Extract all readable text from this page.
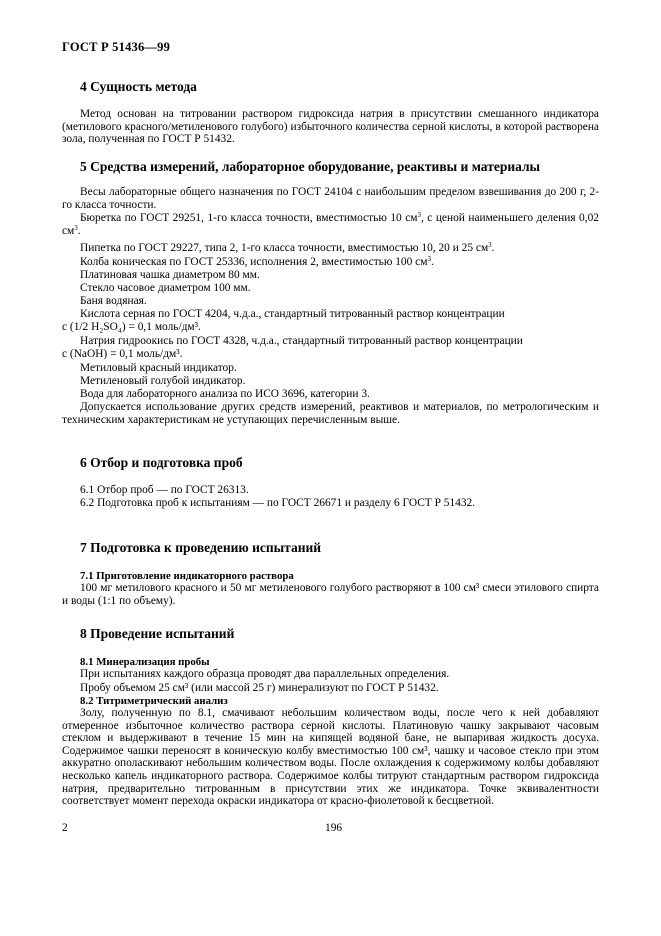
ГОСТ Р 51436—99
4 Сущность метода
Метод основан на титровании раствором гидроксида натрия в присутствии смешанного индикатора (метилового красного/метиленового голубого) избыточного количества серной кислоты, в которой растворена зола, полученная по ГОСТ Р 51432.
5 Средства измерений, лабораторное оборудование, реактивы и материалы
Весы лабораторные общего назначения по ГОСТ 24104 с наибольшим пределом взвешивания до 200 г, 2-го класса точности.
Бюретка по ГОСТ 29251, 1-го класса точности, вместимостью 10 $см^3$, с ценой наименьшего деления 0,02 $см^3$.
Пипетка по ГОСТ 29227, типа 2, 1-го класса точности, вместимостью 10, 20 и 25 $см^3$.
Колба коническая по ГОСТ 25336, исполнения 2, вместимостью 100 $см^3$.
Платиновая чашка диаметром 80 мм.
Стекло часовое диаметром 100 мм.
Баня водяная.
Кислота серная по ГОСТ 4204, ч.д.а., стандартный титрованный раствор концентрации
c (1/2 H₂SO₄) = 0,1 моль/дм³.
Натрия гидроокись по ГОСТ 4328, ч.д.а., стандартный титрованный раствор концентрации
c (NaOH) = 0,1 моль/дм³.
Метиловый красный индикатор.
Метиленовый голубой индикатор.
Вода для лабораторного анализа по ИСО 3696, категории 3.
Допускается использование других средств измерений, реактивов и материалов, по метрологическим и техническим характеристикам не уступающих перечисленным выше.
6 Отбор и подготовка проб
6.1 Отбор проб — по ГОСТ 26313.
6.2 Подготовка проб к испытаниям — по ГОСТ 26671 и разделу 6 ГОСТ Р 51432.
7 Подготовка к проведению испытаний
7.1 Приготовление индикаторного раствора
100 мг метилового красного и 50 мг метиленового голубого растворяют в 100 см³ смеси этилового спирта и воды (1:1 по объему).
8 Проведение испытаний
8.1 Минерализация пробы
При испытаниях каждого образца проводят два параллельных определения.
Пробу объемом 25 см³ (или массой 25 г) минерализуют по ГОСТ Р 51432.
8.2 Титриметрический анализ
Золу, полученную по 8.1, смачивают небольшим количеством воды, после чего к ней добавляют отмеренное избыточное количество раствора серной кислоты. Платиновую чашку закрывают часовым стеклом и выдерживают в течение 15 мин на кипящей водяной бане, не выпаривая жидкость досуха. Содержимое чашки переносят в коническую колбу вместимостью 100 см³, чашку и часовое стекло при этом аккуратно ополаскивают небольшим количеством воды. После охлаждения к содержимому колбы добавляют несколько капель индикаторного раствора. Содержимое колбы титруют стандартным раствором гидроксида натрия, предварительно титрованным в присутствии этих же индикатора. Точке эквивалентности соответствует момент перехода окраски индикатора от красно-фиолетовой к бесцветной.
2	196
